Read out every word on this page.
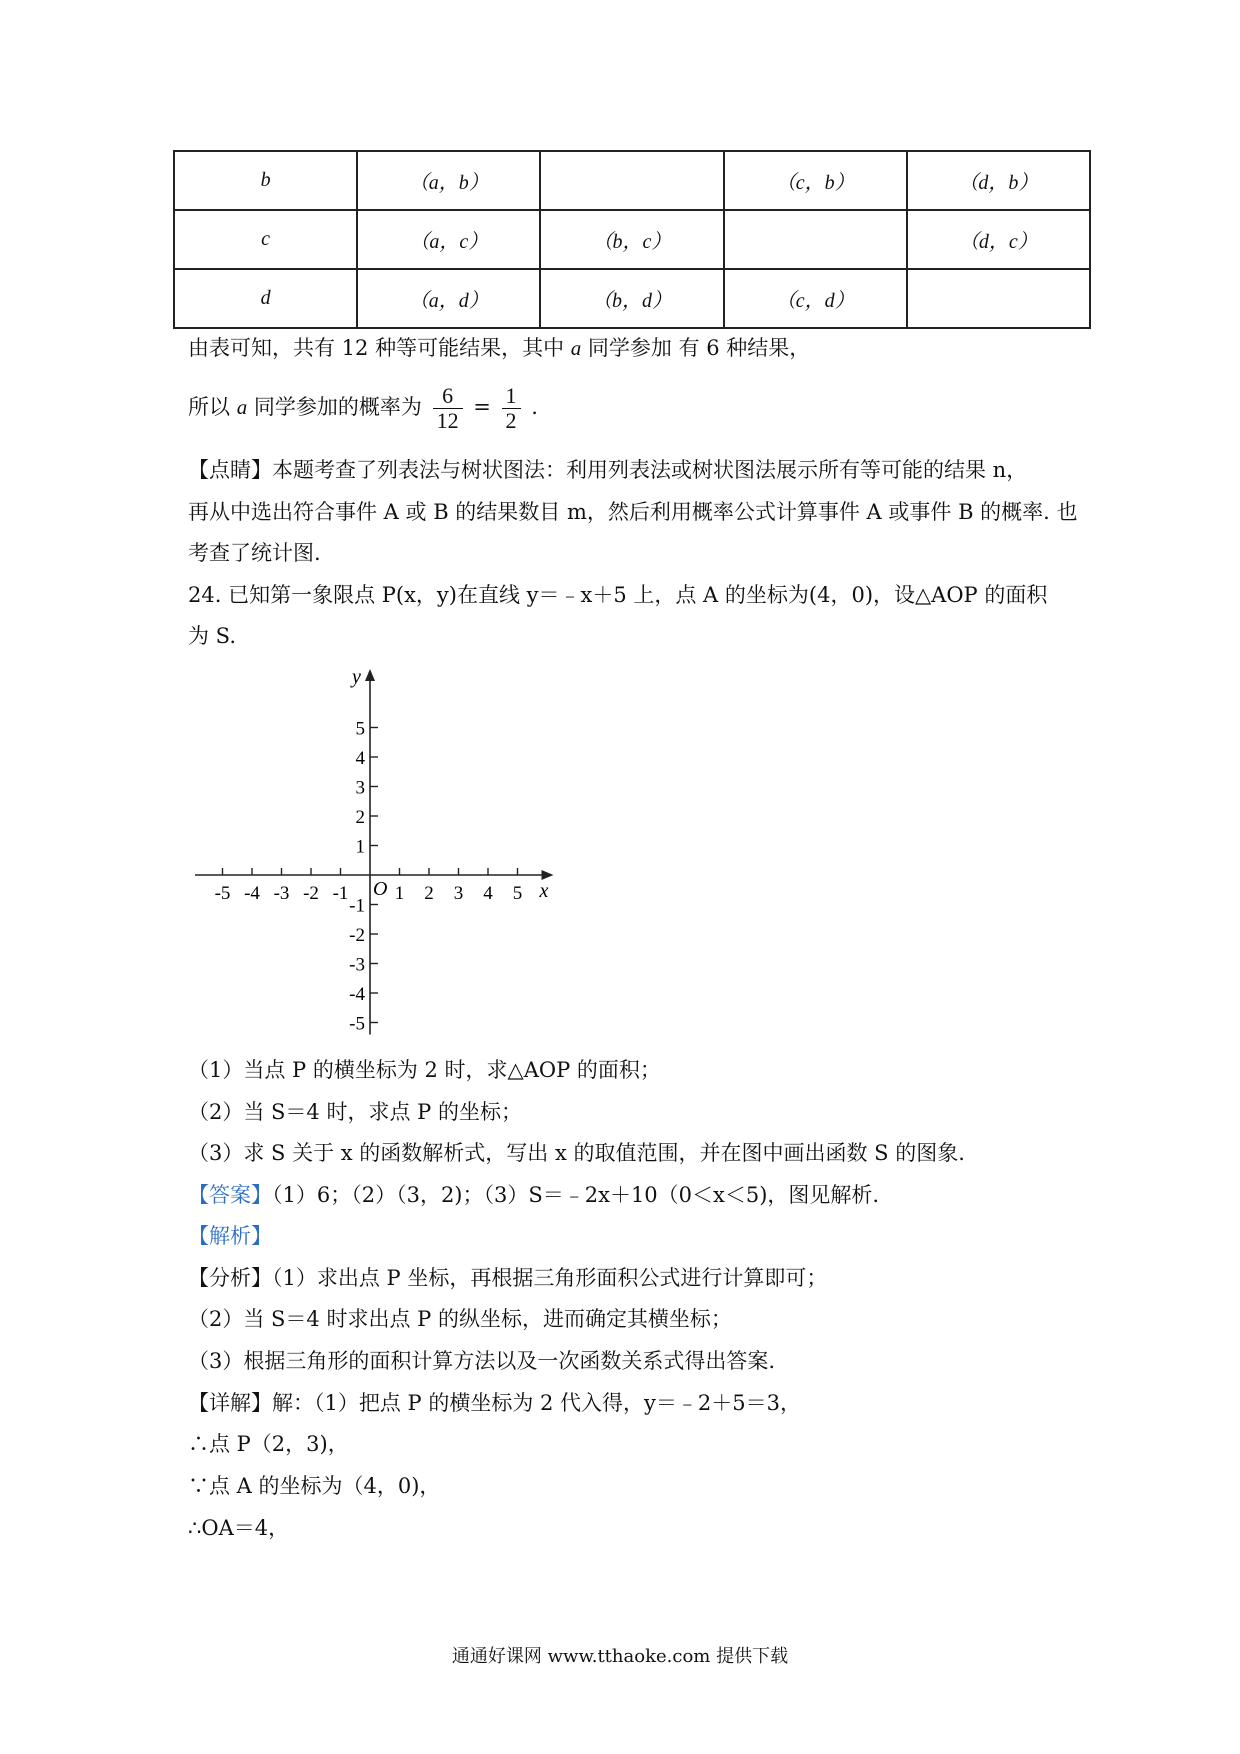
b	（a，b）		（c，b）	（d，b）
c	（a，c）	（b，c）		（d，c）
d	（a，d）	（b，d）	（c，d）	
由表可知，共有 12 种等可能结果，其中 a 同学参加 有 6 种结果，
所以 a 同学参加的概率为 $\frac{6}{12} = \frac{1}{2}$ .
【点睛】本题考查了列表法与树状图法：利用列表法或树状图法展示所有等可能的结果 n，
再从中选出符合事件 A 或 B 的结果数目 m，然后利用概率公式计算事件 A 或事件 B 的概率. 也
考查了统计图.
24. 已知第一象限点 P(x，y)在直线 y＝﹣x＋5 上，点 A 的坐标为(4，0)，设△AOP 的面积
为 S.
-5 -4 -3 -2 -1 1 2 3 4 5
5
4
3
2
1
-1
-2
-3
-4
-5
x
y
O
（1）当点 P 的横坐标为 2 时，求△AOP 的面积；
（2）当 S＝4 时，求点 P 的坐标；
（3）求 S 关于 x 的函数解析式，写出 x 的取值范围，并在图中画出函数 S 的图象.
【答案】（1）6；（2）（3，2)；（3）S＝﹣2x＋10（0＜x＜5)，图见解析.
【解析】
【分析】（1）求出点 P 坐标，再根据三角形面积公式进行计算即可；
（2）当 S＝4 时求出点 P 的纵坐标，进而确定其横坐标；
（3）根据三角形的面积计算方法以及一次函数关系式得出答案.
【详解】解：（1）把点 P 的横坐标为 2 代入得，y＝﹣2＋5＝3，
∴点 P（2，3)，
∵点 A 的坐标为（4，0)，
∴OA＝4，
通通好课网 www.tthaoke.com 提供下载
